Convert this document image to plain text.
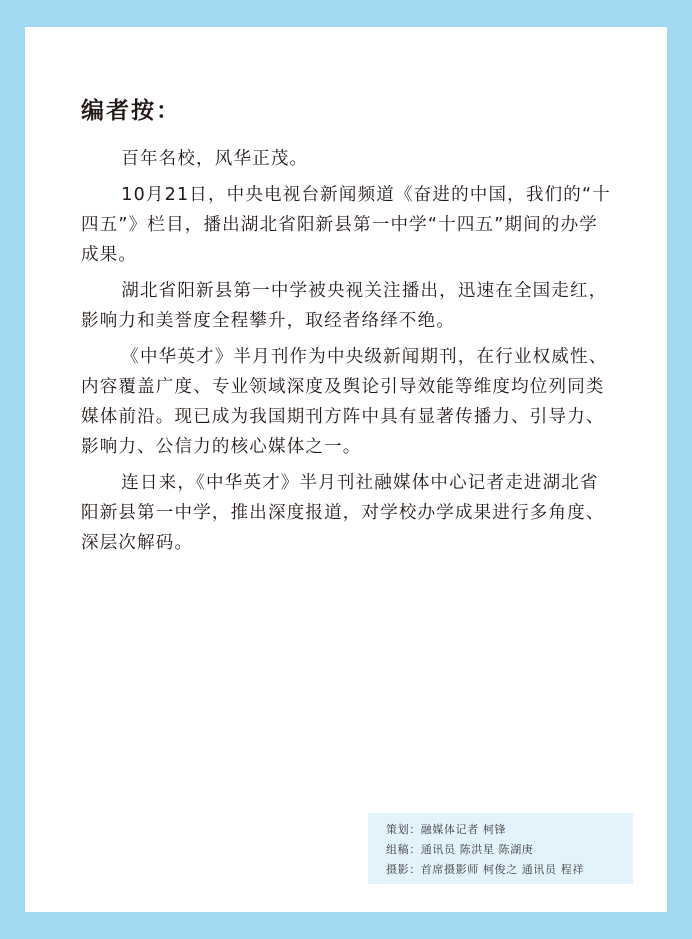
编者按：

百年名校，风华正茂。

10月21日，中央电视台新闻频道《奋进的中国，我们的“十四五”》栏目，播出湖北省阳新县第一中学“十四五”期间的办学成果。

湖北省阳新县第一中学被央视关注播出，迅速在全国走红，影响力和美誉度全程攀升，取经者络绎不绝。

《中华英才》半月刊作为中央级新闻期刊，在行业权威性、内容覆盖广度、专业领域深度及舆论引导效能等维度均位列同类媒体前沿。现已成为我国期刊方阵中具有显著传播力、引导力、影响力、公信力的核心媒体之一。

连日来，《中华英才》半月刊社融媒体中心记者走进湖北省阳新县第一中学，推出深度报道，对学校办学成果进行多角度、深层次解码。

策划：融媒体记者 柯锋
组稿：通讯员 陈洪星 陈湖庚
摄影：首席摄影师 柯俊之 通讯员 程祥
